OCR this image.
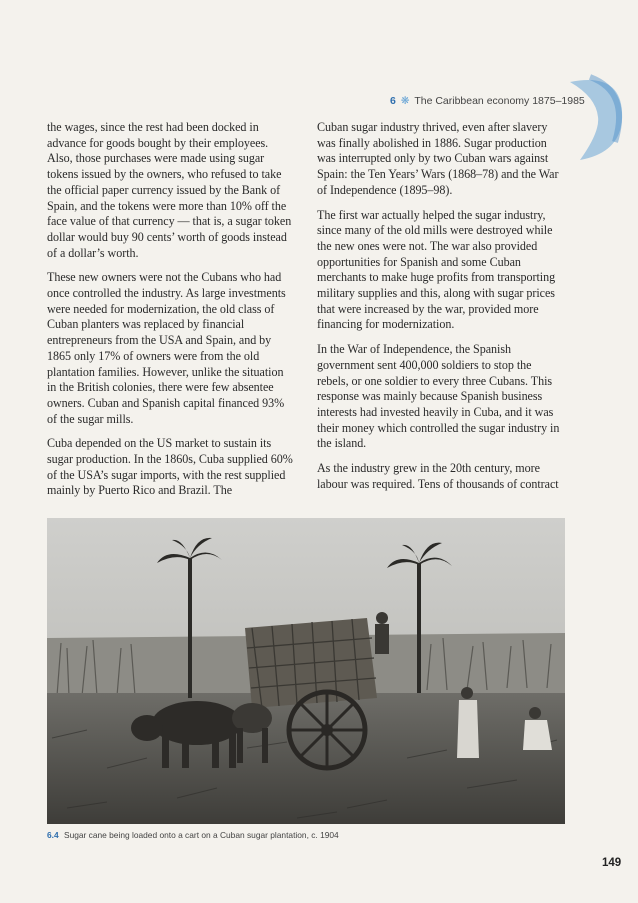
6 ❋ The Caribbean economy 1875–1985

the wages, since the rest had been docked in advance for goods bought by their employees. Also, those purchases were made using sugar tokens issued by the owners, who refused to take the official paper currency issued by the Bank of Spain, and the tokens were more than 10% off the face value of that currency — that is, a sugar token dollar would buy 90 cents’ worth of goods instead of a dollar’s worth.

These new owners were not the Cubans who had once controlled the industry. As large investments were needed for modernization, the old class of Cuban planters was replaced by financial entrepreneurs from the USA and Spain, and by 1865 only 17% of owners were from the old plantation families. However, unlike the situation in the British colonies, there were few absentee owners. Cuban and Spanish capital financed 93% of the sugar mills.

Cuba depended on the US market to sustain its sugar production. In the 1860s, Cuba supplied 60% of the USA’s sugar imports, with the rest supplied mainly by Puerto Rico and Brazil. The

Cuban sugar industry thrived, even after slavery was finally abolished in 1886. Sugar production was interrupted only by two Cuban wars against Spain: the Ten Years’ Wars (1868–78) and the War of Independence (1895–98).

The first war actually helped the sugar industry, since many of the old mills were destroyed while the new ones were not. The war also provided opportunities for Spanish and some Cuban merchants to make huge profits from transporting military supplies and this, along with sugar prices that were increased by the war, provided more financing for modernization.

In the War of Independence, the Spanish government sent 400,000 soldiers to stop the rebels, or one soldier to every three Cubans. This response was mainly because Spanish business interests had invested heavily in Cuba, and it was their money which controlled the sugar industry in the island.

As the industry grew in the 20th century, more labour was required. Tens of thousands of contract

6.4 Sugar cane being loaded onto a cart on a Cuban sugar plantation, c. 1904
149
